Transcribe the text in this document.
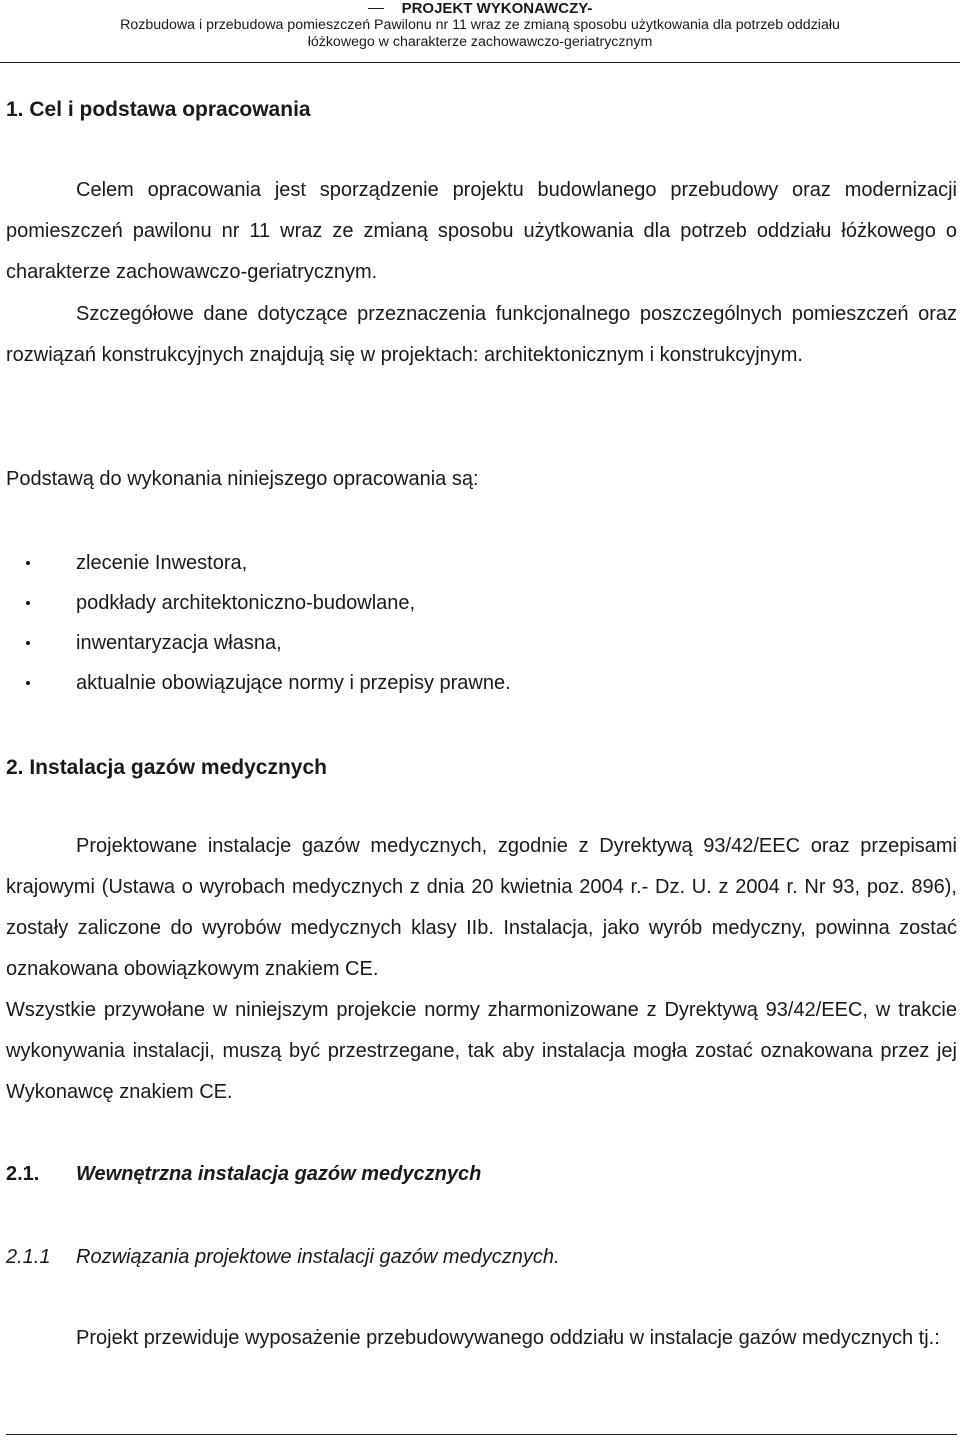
PROJEKT WYKONAWCZY-
Rozbudowa i przebudowa pomieszczeń Pawilonu nr 11 wraz ze zmianą sposobu użytkowania dla potrzeb oddziału
łóżkowego w charakterze zachowawczo-geriatrycznym
1. Cel i podstawa opracowania

Celem opracowania jest sporządzenie projektu budowlanego przebudowy oraz modernizacji pomieszczeń pawilonu nr 11 wraz ze zmianą sposobu użytkowania dla potrzeb oddziału łóżkowego o charakterze zachowawczo-geriatrycznym.

Szczegółowe dane dotyczące przeznaczenia funkcjonalnego poszczególnych pomieszczeń oraz rozwiązań konstrukcyjnych znajdują się w projektach: architektonicznym i konstrukcyjnym.

Podstawą do wykonania niniejszego opracowania są:

zlecenie Inwestora,
podkłady architektoniczno-budowlane,
inwentaryzacja własna,
aktualnie obowiązujące normy i przepisy prawne.
2. Instalacja gazów medycznych

Projektowane instalacje gazów medycznych, zgodnie z Dyrektywą 93/42/EEC oraz przepisami krajowymi (Ustawa o wyrobach medycznych z dnia 20 kwietnia 2004 r.- Dz. U. z 2004 r. Nr 93, poz. 896), zostały zaliczone do wyrobów medycznych klasy IIb. Instalacja, jako wyrób medyczny, powinna zostać oznakowana obowiązkowym znakiem CE.

Wszystkie przywołane w niniejszym projekcie normy zharmonizowane z Dyrektywą 93/42/EEC, w trakcie wykonywania instalacji, muszą być przestrzegane, tak aby instalacja mogła zostać oznakowana przez jej Wykonawcę znakiem CE.

2.1. Wewnętrzna instalacja gazów medycznych
2.1.1 Rozwiązania projektowe instalacji gazów medycznych.

Projekt przewiduje wyposażenie przebudowywanego oddziału w instalacje gazów medycznych tj.:
